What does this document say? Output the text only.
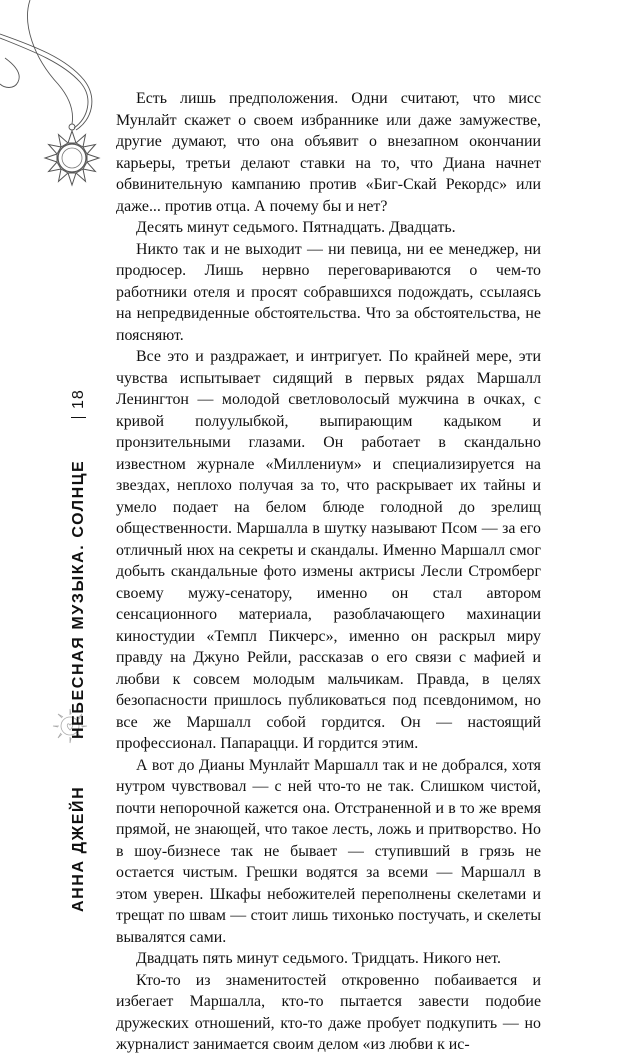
АННА ДЖЕЙННЕБЕСНАЯ МУЗЫКА. СОЛНЦЕ18

Есть лишь предположения. Одни считают, что мисс Мунлайт скажет о своем избраннике или даже замужестве, другие думают, что она объявит о внезапном окончании карьеры, третьи делают ставки на то, что Диана начнет обвинительную кампанию против «Биг-Скай Рекордс» или даже... против отца. А почему бы и нет?

Десять минут седьмого. Пятнадцать. Двадцать.

Никто так и не выходит — ни певица, ни ее менеджер, ни продюсер. Лишь нервно переговариваются о чем-то работники отеля и просят собравшихся подождать, ссылаясь на непредвиденные обстоятельства. Что за обстоятельства, не поясняют.

Все это и раздражает, и интригует. По крайней мере, эти чувства испытывает сидящий в первых рядах Маршалл Ленингтон — молодой светловолосый мужчина в очках, с кривой полуулыбкой, выпирающим кадыком и пронзительными глазами. Он работает в скандально известном журнале «Миллениум» и специализируется на звездах, неплохо получая за то, что раскрывает их тайны и умело подает на белом блюде голодной до зрелищ общественности. Маршалла в шутку называют Псом — за его отличный нюх на секреты и скандалы. Именно Маршалл смог добыть скандальные фото измены актрисы Лесли Стромберг своему мужу-сенатору, именно он стал автором сенсационного материала, разоблачающего махинации киностудии «Темпл Пикчерс», именно он раскрыл миру правду на Джуно Рейли, рассказав о его связи с мафией и любви к совсем молодым мальчикам. Правда, в целях безопасности пришлось публиковаться под псевдонимом, но все же Маршалл собой гордится. Он — настоящий профессионал. Папарацци. И гордится этим.

А вот до Дианы Мунлайт Маршалл так и не добрался, хотя нутром чувствовал — с ней что-то не так. Слишком чистой, почти непорочной кажется она. Отстраненной и в то же время прямой, не знающей, что такое лесть, ложь и притворство. Но в шоу-бизнесе так не бывает — ступивший в грязь не остается чистым. Грешки водятся за всеми — Маршалл в этом уверен. Шкафы небожителей переполнены скелетами и трещат по швам — стоит лишь тихонько постучать, и скелеты вывалятся сами.

Двадцать пять минут седьмого. Тридцать. Никого нет.

Кто-то из знаменитостей откровенно побаивается и избегает Маршалла, кто-то пытается завести подобие дружеских отношений, кто-то даже пробует подкупить — но журналист занимается своим делом «из любви к ис-
